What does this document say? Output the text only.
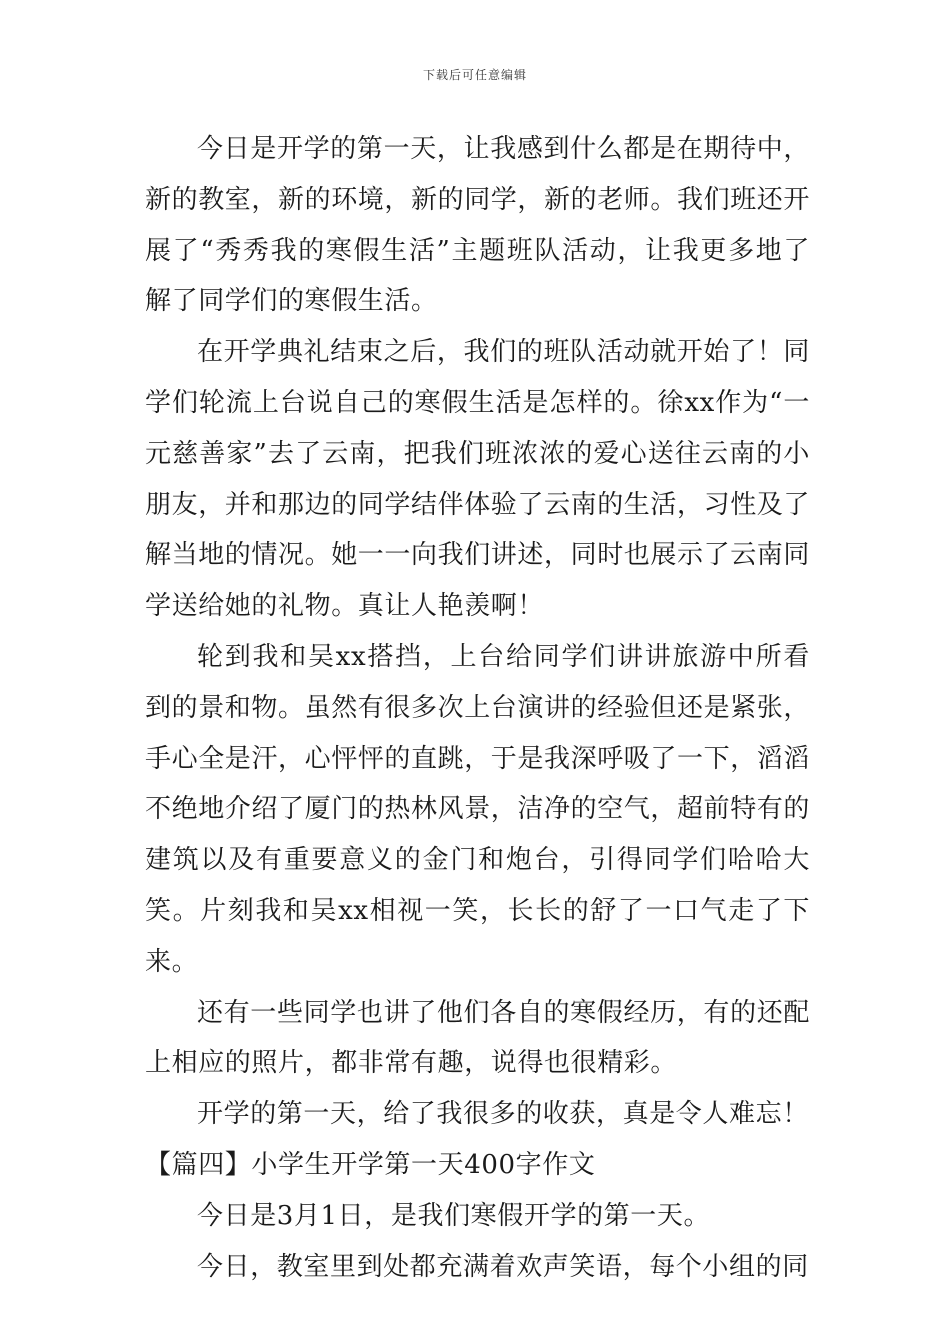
下载后可任意编辑

今日是开学的第一天，让我感到什么都是在期待中，新的教室，新的环境，新的同学，新的老师。我们班还开展了“秀秀我的寒假生活”主题班队活动，让我更多地了解了同学们的寒假生活。

在开学典礼结束之后，我们的班队活动就开始了！同学们轮流上台说自己的寒假生活是怎样的。徐xx作为“一元慈善家”去了云南，把我们班浓浓的爱心送往云南的小朋友，并和那边的同学结伴体验了云南的生活，习性及了解当地的情况。她一一向我们讲述，同时也展示了云南同学送给她的礼物。真让人艳羡啊！

轮到我和吴xx搭挡，上台给同学们讲讲旅游中所看到的景和物。虽然有很多次上台演讲的经验但还是紧张，手心全是汗，心怦怦的直跳，于是我深呼吸了一下，滔滔不绝地介绍了厦门的热林风景，洁净的空气，超前特有的建筑以及有重要意义的金门和炮台，引得同学们哈哈大笑。片刻我和吴xx相视一笑，长长的舒了一口气走了下来。

还有一些同学也讲了他们各自的寒假经历，有的还配上相应的照片，都非常有趣，说得也很精彩。

开学的第一天，给了我很多的收获，真是令人难忘！

【篇四】小学生开学第一天400字作文

今日是3月1日，是我们寒假开学的第一天。

今日，教室里到处都充满着欢声笑语，每个小组的同
